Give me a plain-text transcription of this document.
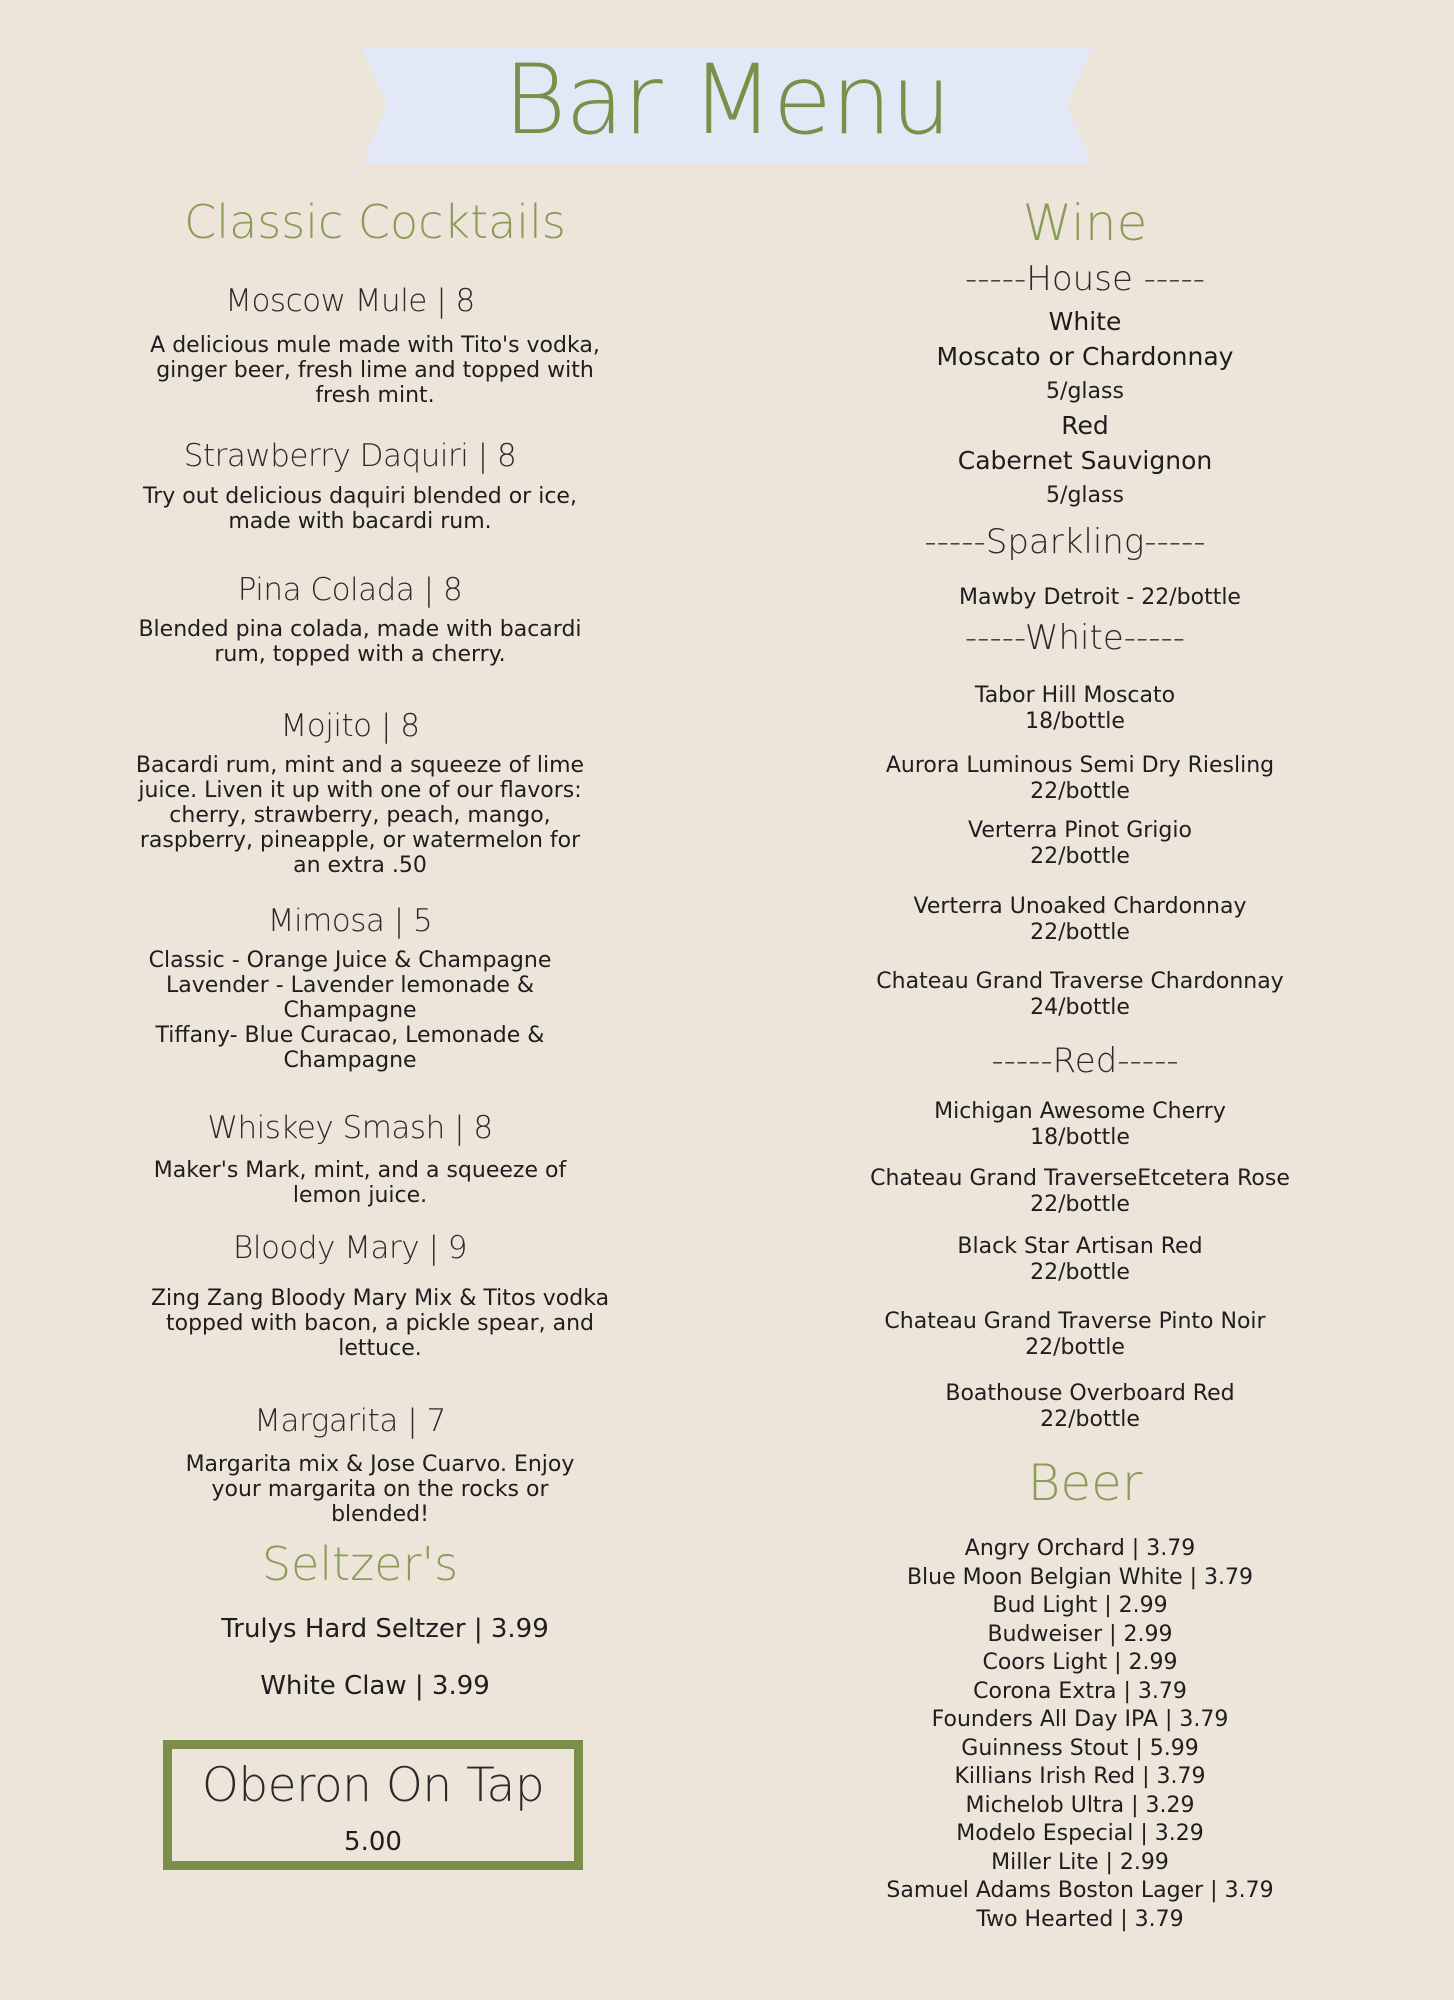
Bar Menu
Classic Cocktails
Moscow Mule | 8
A delicious mule made with Tito's vodka, ginger beer, fresh lime and topped with fresh mint.
Strawberry Daquiri | 8
Try out delicious daquiri blended or ice, made with bacardi rum.
Pina Colada | 8
Blended pina colada, made with bacardi rum, topped with a cherry.
Mojito | 8
Bacardi rum, mint and a squeeze of lime juice. Liven it up with one of our flavors: cherry, strawberry, peach, mango, raspberry, pineapple, or watermelon for an extra .50
Mimosa | 5
Classic - Orange Juice & Champagne
Lavender - Lavender lemonade &
Champagne
Tiffany- Blue Curacao, Lemonade &
Champagne
Whiskey Smash | 8
Maker's Mark, mint, and a squeeze of lemon juice.
Bloody Mary | 9
Zing Zang Bloody Mary Mix & Titos vodka topped with bacon, a pickle spear, and lettuce.
Margarita | 7
Margarita mix & Jose Cuarvo. Enjoy your margarita on the rocks or blended!
Seltzer's
Trulys Hard Seltzer | 3.99
White Claw | 3.99
Oberon On Tap
5.00
Wine
-----House -----
White
Moscato or Chardonnay
5/glass
Red
Cabernet Sauvignon
5/glass
-----Sparkling-----
Mawby Detroit - 22/bottle
-----White-----
Tabor Hill Moscato
18/bottle
Aurora Luminous Semi Dry Riesling
22/bottle
Verterra Pinot Grigio
22/bottle
Verterra Unoaked Chardonnay
22/bottle
Chateau Grand Traverse Chardonnay
24/bottle
-----Red-----
Michigan Awesome Cherry
18/bottle
Chateau Grand TraverseEtcetera Rose
22/bottle
Black Star Artisan Red
22/bottle
Chateau Grand Traverse Pinto Noir
22/bottle
Boathouse Overboard Red
22/bottle
Beer
Angry Orchard | 3.79
Blue Moon Belgian White | 3.79
Bud Light | 2.99
Budweiser | 2.99
Coors Light | 2.99
Corona Extra | 3.79
Founders All Day IPA | 3.79
Guinness Stout | 5.99
Killians Irish Red | 3.79
Michelob Ultra | 3.29
Modelo Especial | 3.29
Miller Lite | 2.99
Samuel Adams Boston Lager | 3.79
Two Hearted | 3.79
